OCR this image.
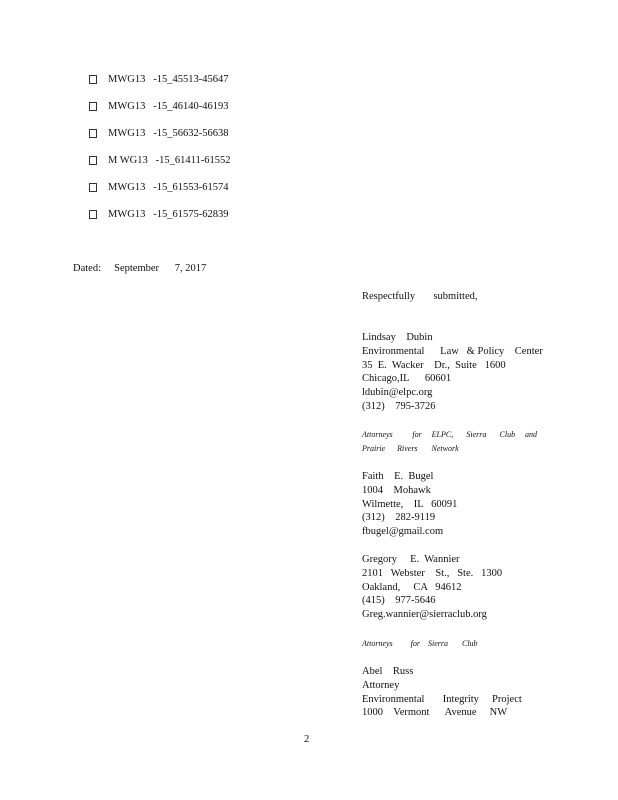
MWG13   -15_45513-45647
MWG13   -15_46140-46193
MWG13   -15_56632-56638
M WG13   -15_61411-61552
MWG13   -15_61553-61574
MWG13   -15_61575-62839
Dated:     September      7, 2017
Respectfully       submitted,
Lindsay    Dubin
Environmental      Law   & Policy    Center
35  E.  Wacker    Dr.,  Suite   1600
Chicago,IL      60601
ldubin@elpc.org
(312)    795-3726
Attorneys      for   ELPC,    Sierra    Club   and
Prairie      Rivers       Network
Faith    E.  Bugel
1004    Mohawk
Wilmette,    IL   60091
(312)    282-9119
fbugel@gmail.com
Gregory     E.  Wannier
2101   Webster    St.,   Ste.   1300
Oakland,     CA   94612
(415)    977-5646
Greg.wannier@sierraclub.org
Attorneys         for    Sierra       Club
Abel    Russ
Attorney
Environmental       Integrity     Project
1000    Vermont      Avenue     NW
2
